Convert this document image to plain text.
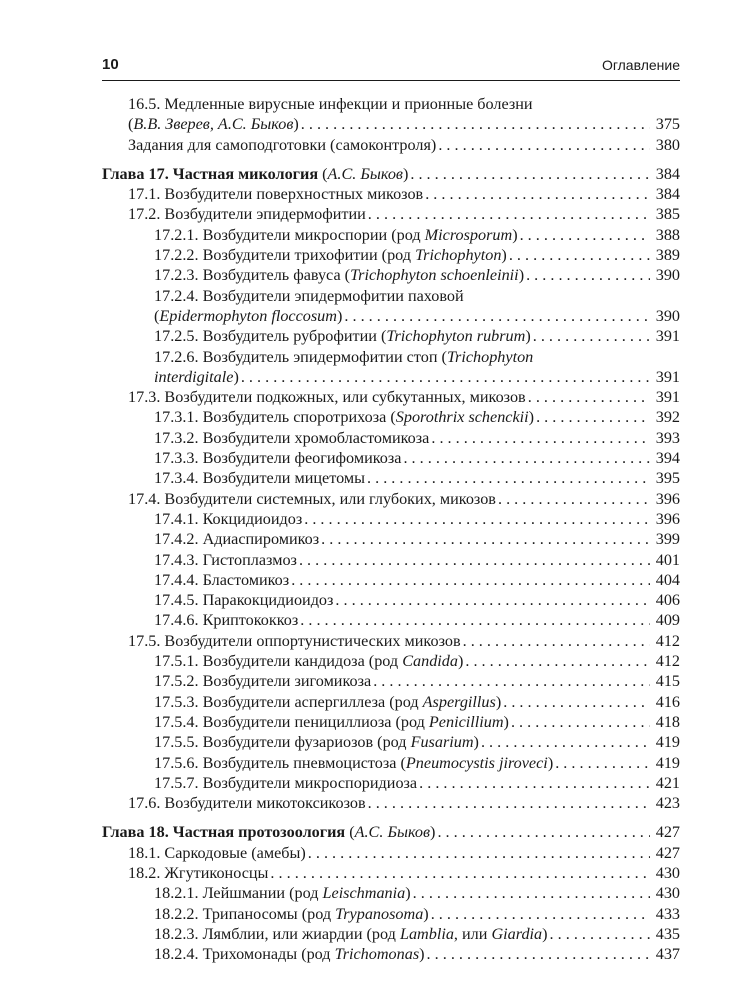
10	Оглавление
16.5. Медленные вирусные инфекции и прионные болезни
(В.В. Зверев, А.С. Быков) . . .	375
Задания для самоподготовки (самоконтроля) . . .	380
Глава 17. Частная микология (А.С. Быков) . . .	384
17.1. Возбудители поверхностных микозов . . .	384
17.2. Возбудители эпидермофитии . . .	385
17.2.1. Возбудители микроспории (род Microsporum) . . .	388
17.2.2. Возбудители трихофитии (род Trichophyton) . . .	389
17.2.3. Возбудитель фавуса (Trichophyton schoenleinii) . . .	390
17.2.4. Возбудители эпидермофитии паховой
(Epidermophyton floccosum) . . .	390
17.2.5. Возбудитель руброфитии (Trichophyton rubrum) . . .	391
17.2.6. Возбудитель эпидермофитии стоп (Trichophyton
interdigitale) . . .	391
17.3. Возбудители подкожных, или субкутанных, микозов . . .	391
17.3.1. Возбудитель споротрихоза (Sporothrix schenckii) . . .	392
17.3.2. Возбудители хромобластомикоза . . .	393
17.3.3. Возбудители феогифомикоза . . .	394
17.3.4. Возбудители мицетомы . . .	395
17.4. Возбудители системных, или глубоких, микозов . . .	396
17.4.1. Кокцидиоидоз . . .	396
17.4.2. Адиаспиромикоз . . .	399
17.4.3. Гистоплазмоз . . .	401
17.4.4. Бластомикоз . . .	404
17.4.5. Паракокцидиоидоз . . .	406
17.4.6. Криптококкоз . . .	409
17.5. Возбудители оппортунистических микозов . . .	412
17.5.1. Возбудители кандидоза (род Candida) . . .	412
17.5.2. Возбудители зигомикоза . . .	415
17.5.3. Возбудители аспергиллеза (род Aspergillus) . . .	416
17.5.4. Возбудители пенициллиоза (род Penicillium) . . .	418
17.5.5. Возбудители фузариозов (род Fusarium) . . .	419
17.5.6. Возбудитель пневмоцистоза (Pneumocystis jiroveci) . . .	419
17.5.7. Возбудители микроспоридиоза . . .	421
17.6. Возбудители микотоксикозов . . .	423
Глава 18. Частная протозоология (А.С. Быков) . . .	427
18.1. Саркодовые (амебы) . . .	427
18.2. Жгутиконосцы . . .	430
18.2.1. Лейшмании (род Leischmania) . . .	430
18.2.2. Трипаносомы (род Trypanosoma) . . .	433
18.2.3. Лямблии, или жиардии (род Lamblia, или Giardia) . . .	435
18.2.4. Трихомонады (род Trichomonas) . . .	437
